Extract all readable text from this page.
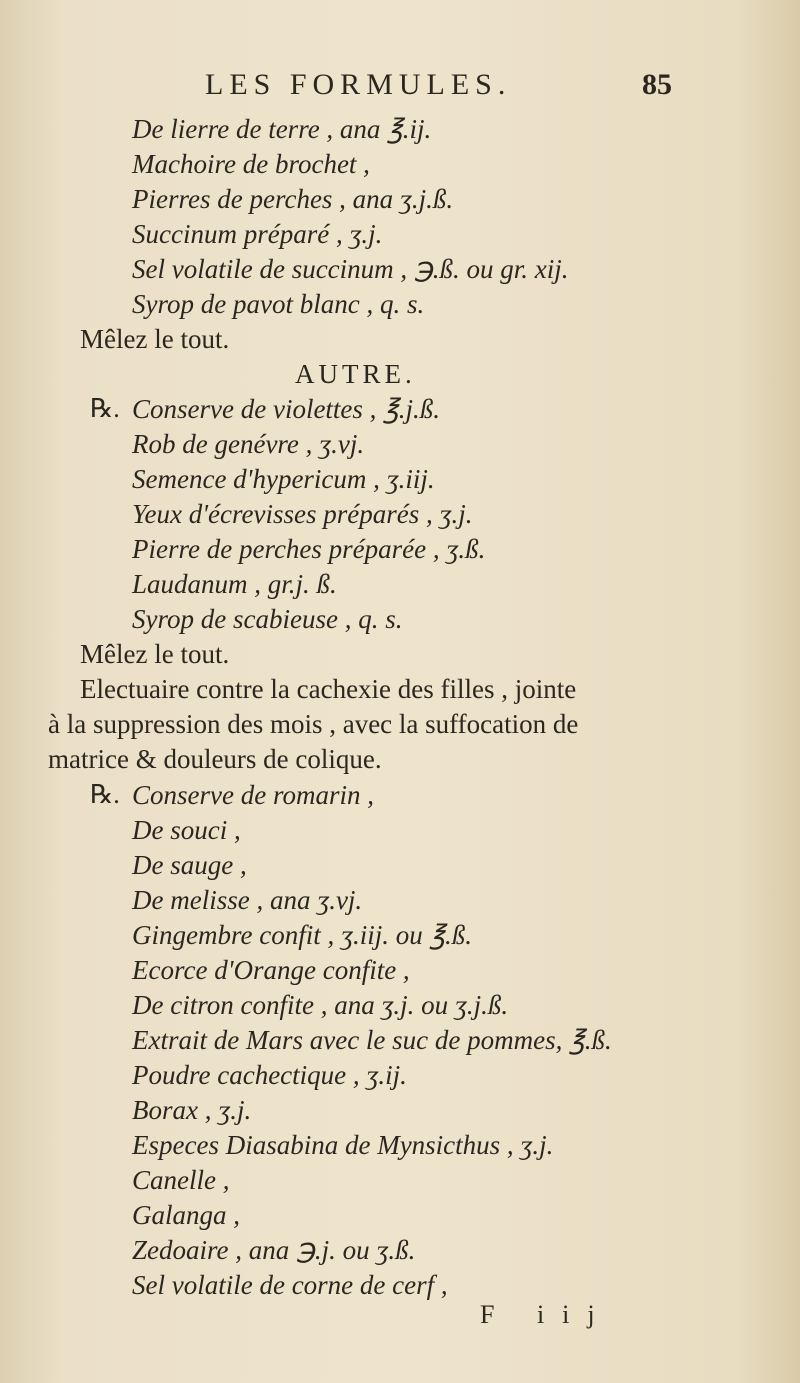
LES FORMULES.	85
De lierre de terre , ana ℥.ij.
Machoire de brochet ,
Pierres de perches , ana ʒ.j.ß.
Succinum préparé , ʒ.j.
Sel volatile de succinum , ℈.ß. ou gr. xij.
Syrop de pavot blanc , q. s.
Mêlez le tout.
AUTRE.
℞. Conserve de violettes , ℥.j.ß.
Rob de genévre , ʒ.vj.
Semence d'hypericum , ʒ.iij.
Yeux d'écrevisses préparés , ʒ.j.
Pierre de perches préparée , ʒ.ß.
Laudanum , gr.j. ß.
Syrop de scabieuse , q. s.
Mêlez le tout.
Electuaire contre la cachexie des filles , jointe
à la suppression des mois , avec la suffocation de
matrice & douleurs de colique.
℞. Conserve de romarin ,
De souci ,
De sauge ,
De melisse , ana ʒ.vj.
Gingembre confit , ʒ.iij. ou ℥.ß.
Ecorce d'Orange confite ,
De citron confite , ana ʒ.j. ou ʒ.j.ß.
Extrait de Mars avec le suc de pommes, ℥.ß.
Poudre cachectique , ʒ.ij.
Borax , ʒ.j.
Especes Diasabina de Mynsicthus , ʒ.j.
Canelle ,
Galanga ,
Zedoaire , ana ℈.j. ou ʒ.ß.
Sel volatile de corne de cerf ,
F iij
